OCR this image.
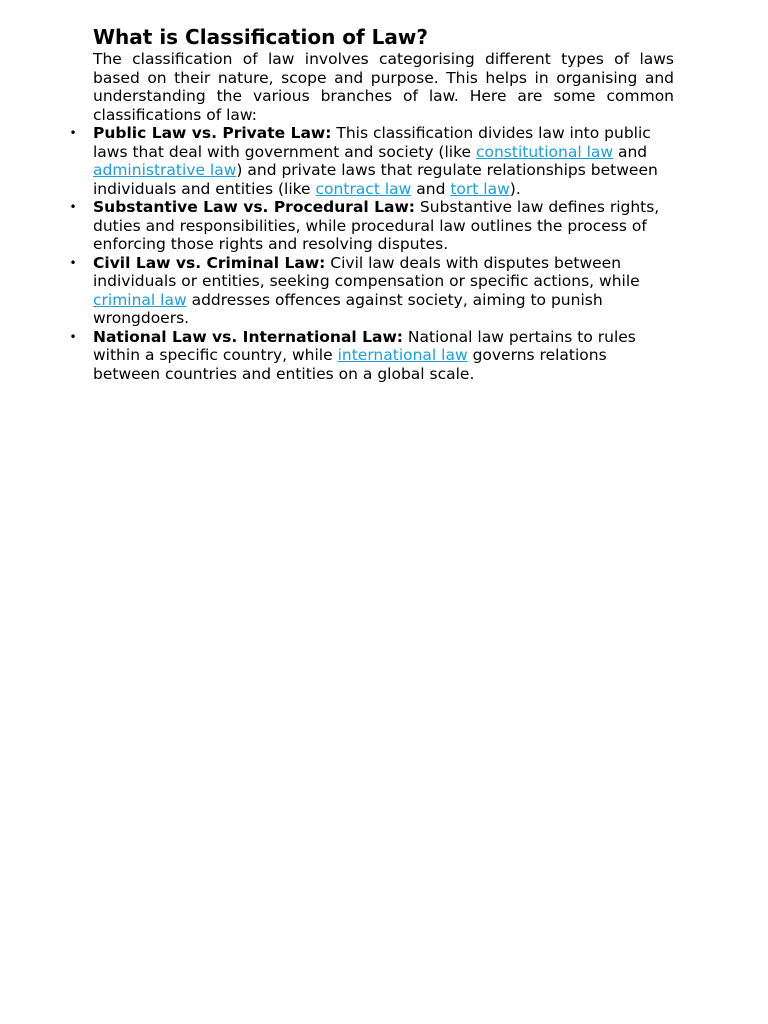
What is Classification of Law?

The classification of law involves categorising different types of laws based on their nature, scope and purpose. This helps in organising and understanding the various branches of law. Here are some common classifications of law:

• Public Law vs. Private Law: This classification divides law into public laws that deal with government and society (like constitutional law and administrative law) and private laws that regulate relationships between individuals and entities (like contract law and tort law).
• Substantive Law vs. Procedural Law: Substantive law defines rights, duties and responsibilities, while procedural law outlines the process of enforcing those rights and resolving disputes.
• Civil Law vs. Criminal Law: Civil law deals with disputes between individuals or entities, seeking compensation or specific actions, while criminal law addresses offences against society, aiming to punish wrongdoers.
• National Law vs. International Law: National law pertains to rules within a specific country, while international law governs relations between countries and entities on a global scale.
